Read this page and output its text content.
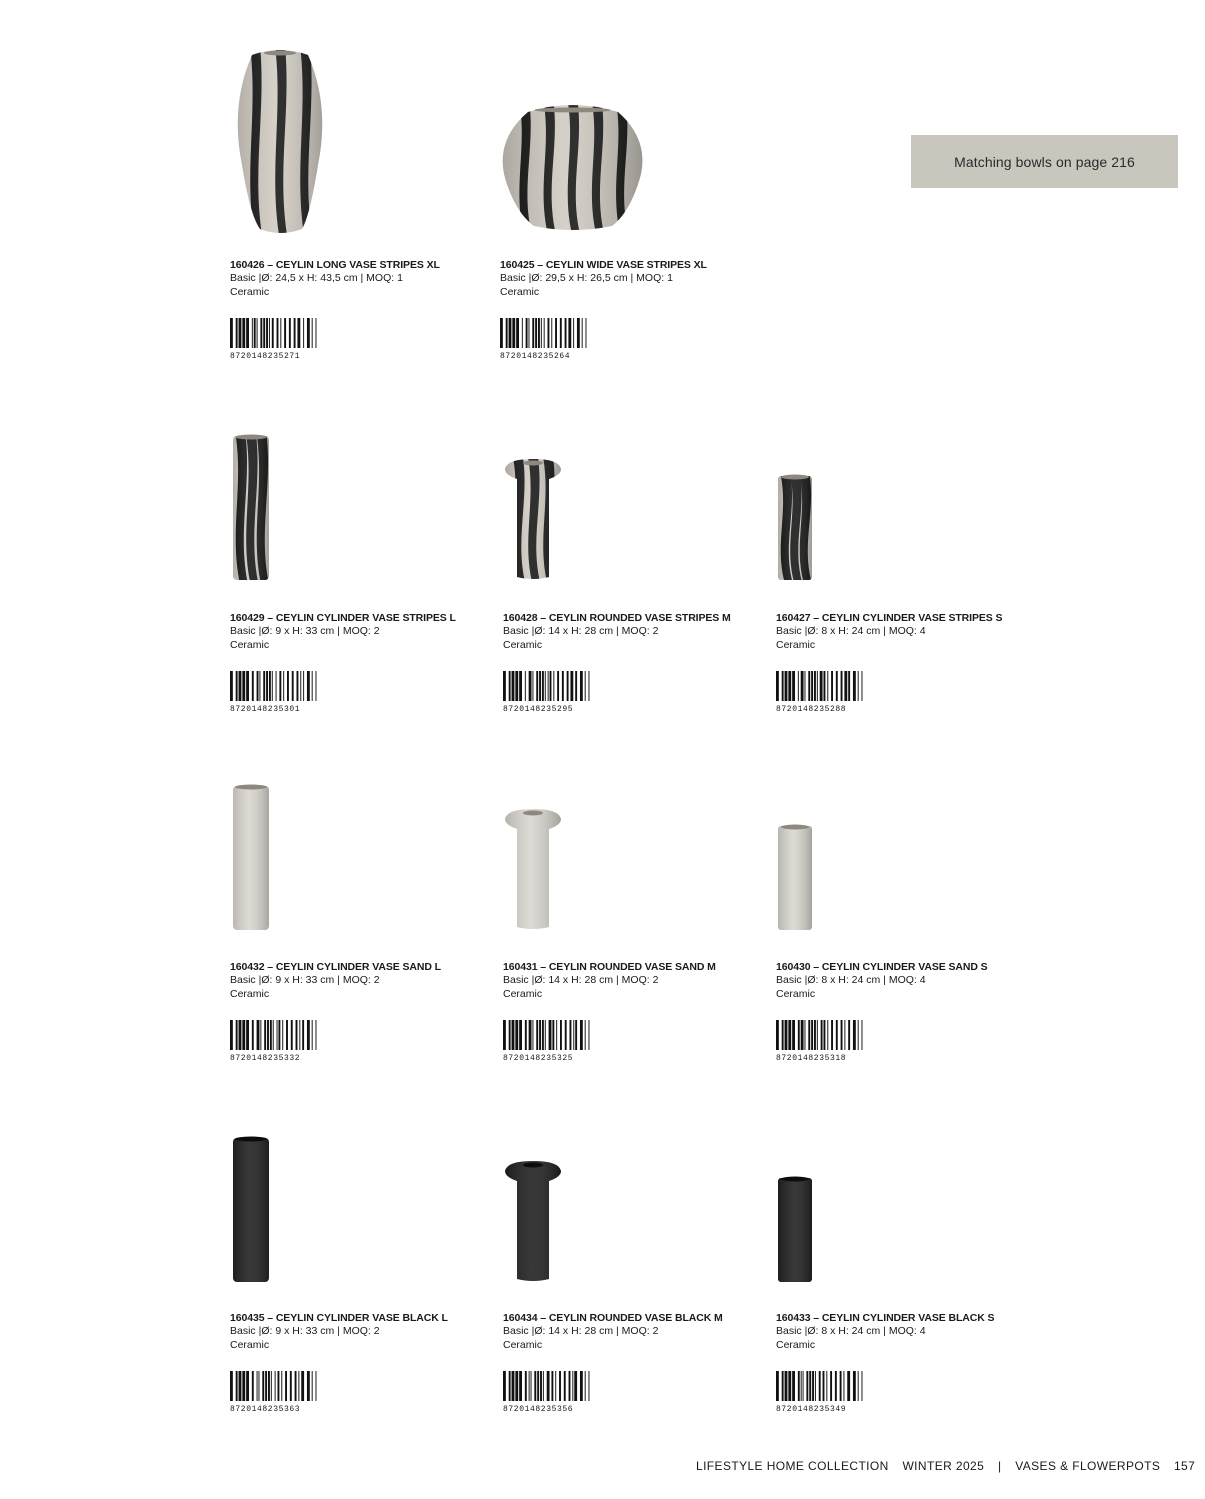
Matching bowls on page 216
160426 – CEYLIN LONG VASE STRIPES XL
Basic |Ø: 24,5 x H: 43,5 cm | MOQ: 1
Ceramic
8720148235271
160425 – CEYLIN WIDE VASE STRIPES XL
Basic |Ø: 29,5 x H: 26,5 cm | MOQ: 1
Ceramic
8720148235264
160429 – CEYLIN CYLINDER VASE STRIPES L
Basic |Ø: 9 x H: 33 cm | MOQ: 2
Ceramic
8720148235301
160428 – CEYLIN ROUNDED VASE STRIPES M
Basic |Ø: 14 x H: 28 cm | MOQ: 2
Ceramic
8720148235295
160427 – CEYLIN CYLINDER VASE STRIPES S
Basic |Ø: 8 x H: 24 cm | MOQ: 4
Ceramic
8720148235288
160432 – CEYLIN CYLINDER VASE SAND L
Basic |Ø: 9 x H: 33 cm | MOQ: 2
Ceramic
8720148235332
160431 – CEYLIN ROUNDED VASE SAND M
Basic |Ø: 14 x H: 28 cm | MOQ: 2
Ceramic
8720148235325
160430 – CEYLIN CYLINDER VASE SAND S
Basic |Ø: 8 x H: 24 cm | MOQ: 4
Ceramic
8720148235318
160435 – CEYLIN CYLINDER VASE BLACK L
Basic |Ø: 9 x H: 33 cm | MOQ: 2
Ceramic
8720148235363
160434 – CEYLIN ROUNDED VASE BLACK M
Basic |Ø: 14 x H: 28 cm | MOQ: 2
Ceramic
8720148235356
160433 – CEYLIN CYLINDER VASE BLACK S
Basic |Ø: 8 x H: 24 cm | MOQ: 4
Ceramic
8720148235349
LIFESTYLE HOME COLLECTION WINTER 2025 | VASES & FLOWERPOTS 157
